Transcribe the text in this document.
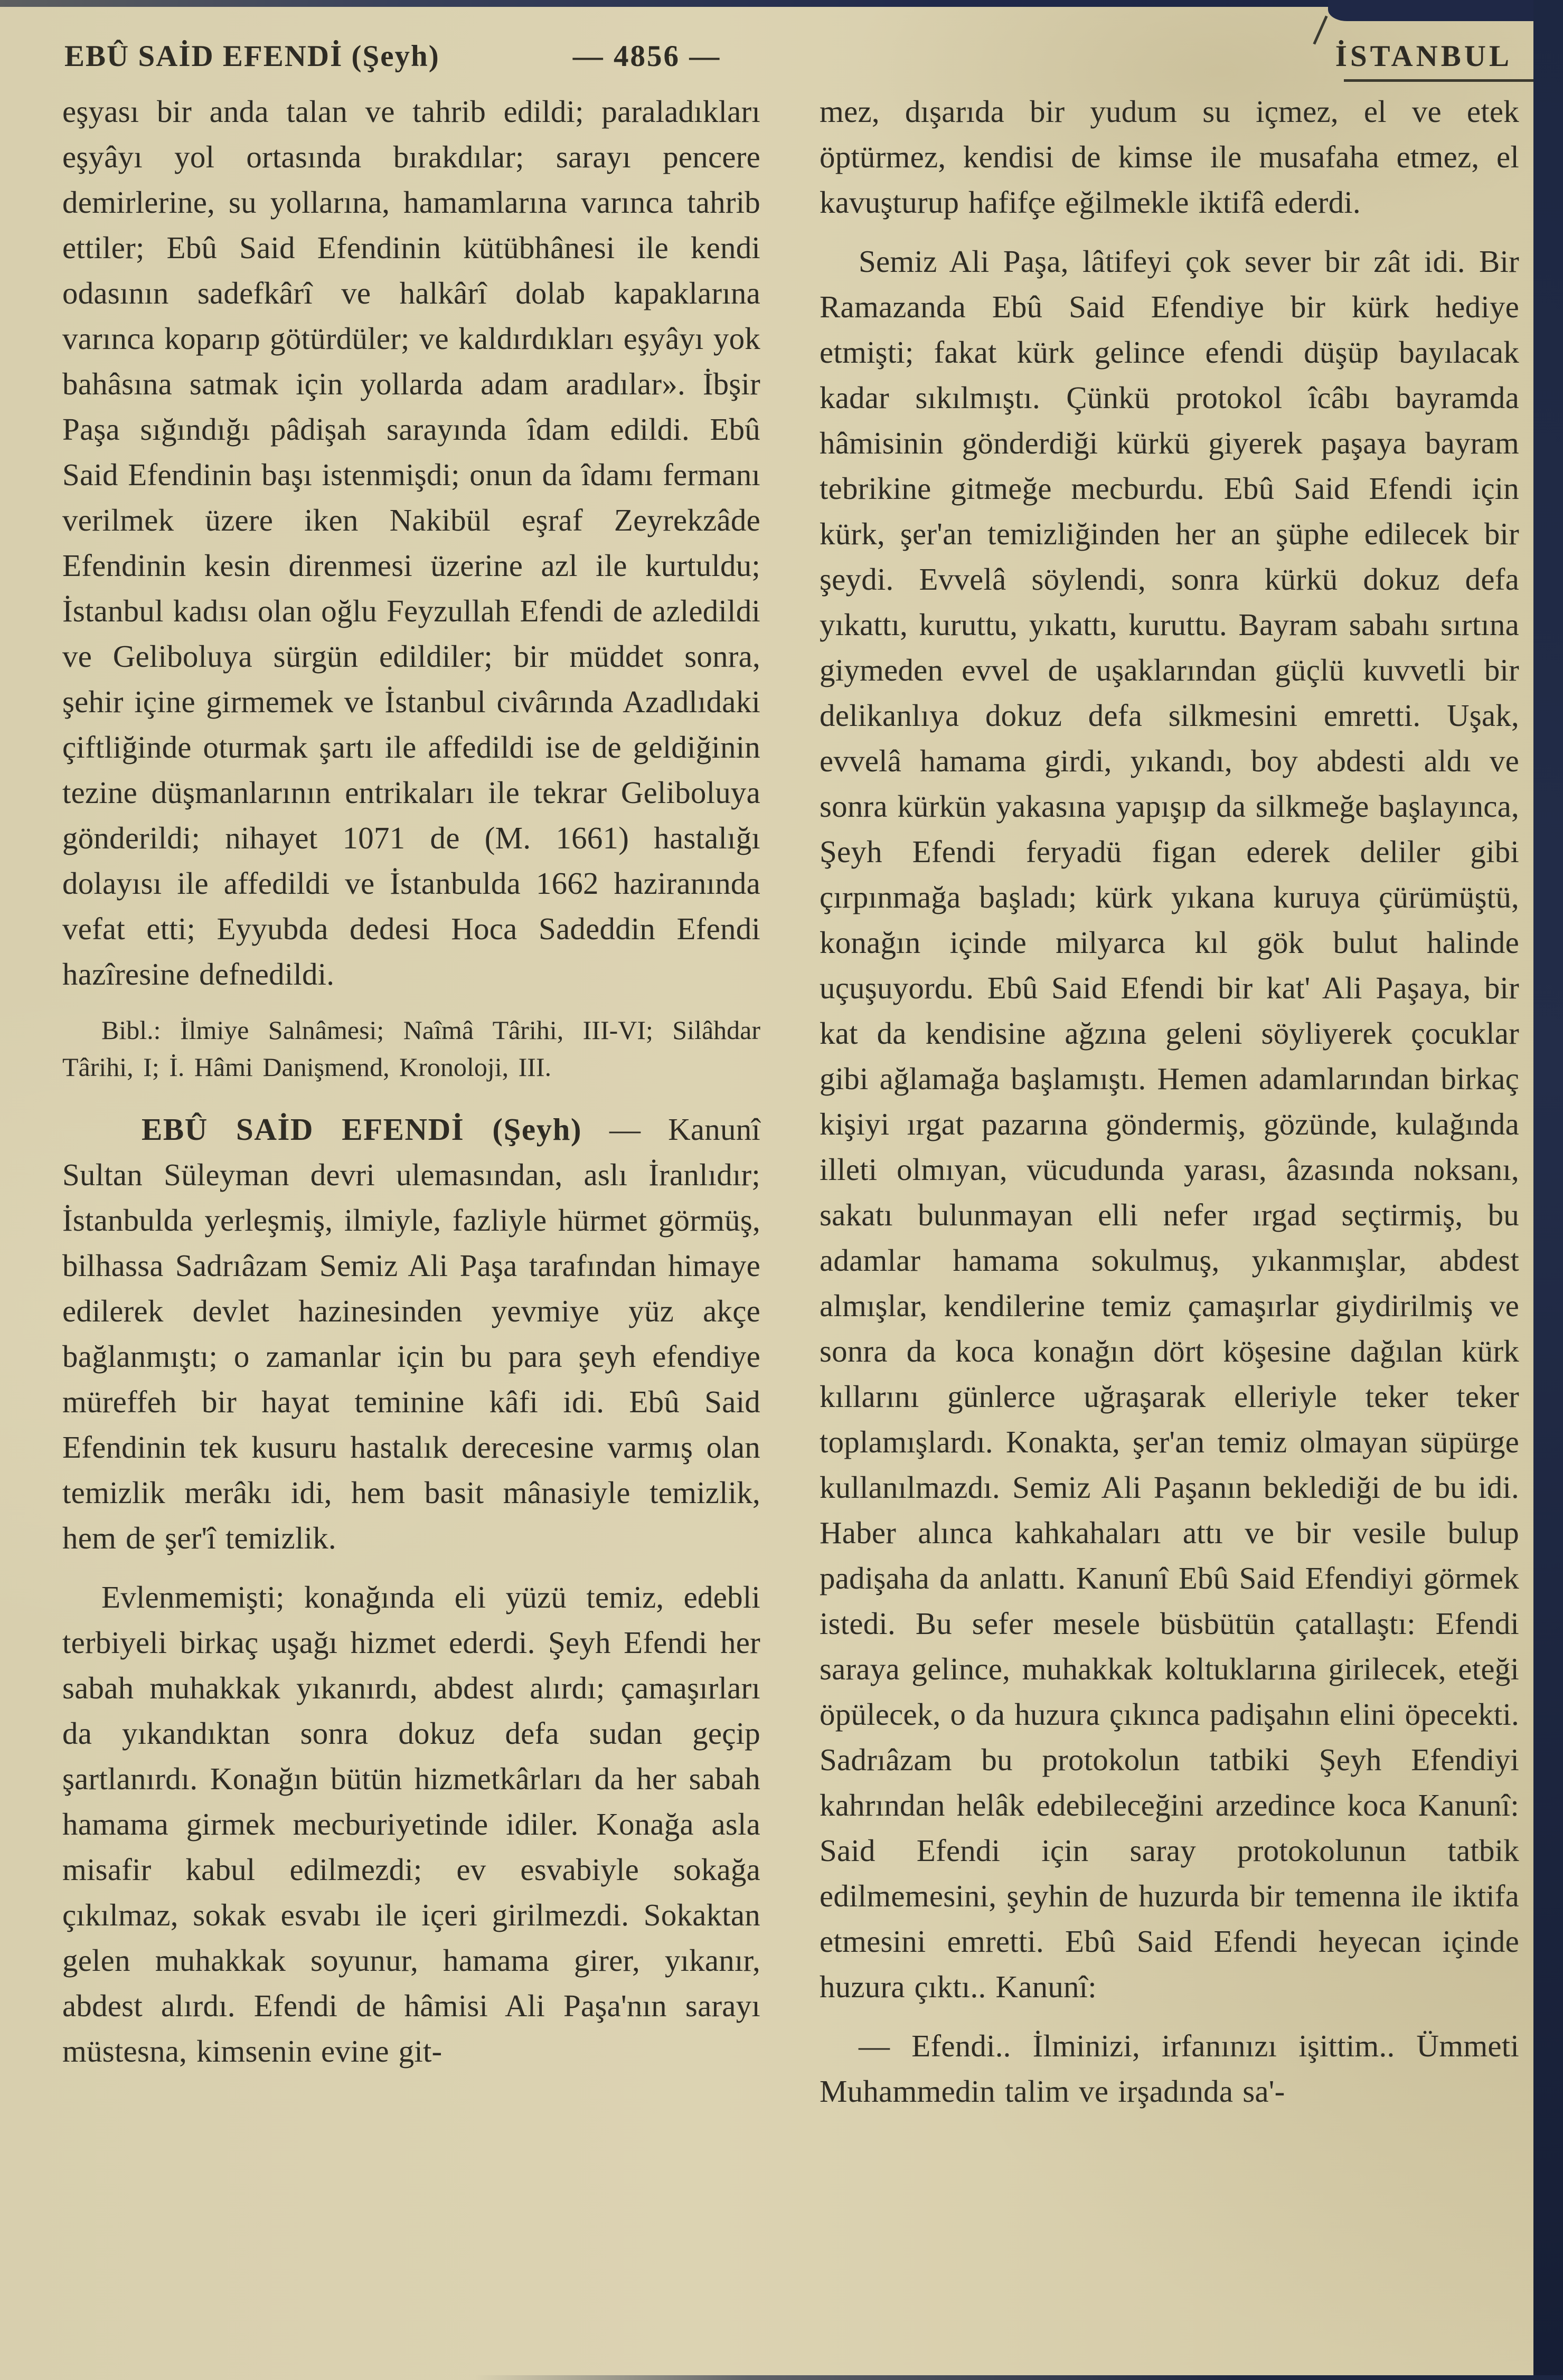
EBÛ SAİD EFENDİ (Şeyh)	— 4856 —	İSTANBUL

eşyası bir anda talan ve tahrib edildi; paraladıkları eşyâyı yol ortasında bırakdılar; sarayı pencere demirlerine, su yollarına, hamamlarına varınca tahrib ettiler; Ebû Said Efendinin kütübhânesi ile kendi odasının sadefkârî ve halkârî dolab kapaklarına varınca koparıp götürdüler; ve kaldırdıkları eşyâyı yok bahâsına satmak için yollarda adam aradılar». İbşir Paşa sığındığı pâdişah sarayında îdam edildi. Ebû Said Efendinin başı istenmişdi; onun da îdamı fermanı verilmek üzere iken Nakibül eşraf Zeyrekzâde Efendinin kesin direnmesi üzerine azl ile kurtuldu; İstanbul kadısı olan oğlu Feyzullah Efendi de azledildi ve Geliboluya sürgün edildiler; bir müddet sonra, şehir içine girmemek ve İstanbul civârında Azadlıdaki çiftliğinde oturmak şartı ile affedildi ise de geldiğinin tezine düşmanlarının entrikaları ile tekrar Geliboluya gönderildi; nihayet 1071 de (M. 1661) hastalığı dolayısı ile affedildi ve İstanbulda 1662 haziranında vefat etti; Eyyubda dedesi Hoca Sadeddin Efendi hazîresine defnedildi.

Bibl.: İlmiye Salnâmesi; Naîmâ Târihi, III-VI; Silâhdar Târihi, I; İ. Hâmi Danişmend, Kronoloji, III.

EBÛ SAİD EFENDİ (Şeyh) — Kanunî Sultan Süleyman devri ulemasından, aslı İranlıdır; İstanbulda yerleşmiş, ilmiyle, fazliyle hürmet görmüş, bilhassa Sadrıâzam Semiz Ali Paşa tarafından himaye edilerek devlet hazinesinden yevmiye yüz akçe bağlanmıştı; o zamanlar için bu para şeyh efendiye müreffeh bir hayat teminine kâfi idi. Ebû Said Efendinin tek kusuru hastalık derecesine varmış olan temizlik merâkı idi, hem basit mânasiyle temizlik, hem de şer'î temizlik.

Evlenmemişti; konağında eli yüzü temiz, edebli terbiyeli birkaç uşağı hizmet ederdi. Şeyh Efendi her sabah muhakkak yıkanırdı, abdest alırdı; çamaşırları da yıkandıktan sonra dokuz defa sudan geçip şartlanırdı. Konağın bütün hizmetkârları da her sabah hamama girmek mecburiyetinde idiler. Konağa asla misafir kabul edilmezdi; ev esvabiyle sokağa çıkılmaz, sokak esvabı ile içeri girilmezdi. Sokaktan gelen muhakkak soyunur, hamama girer, yıkanır, abdest alırdı. Efendi de hâmisi Ali Paşa'nın sarayı müstesna, kimsenin evine git-

mez, dışarıda bir yudum su içmez, el ve etek öptürmez, kendisi de kimse ile musafaha etmez, el kavuşturup hafifçe eğilmekle iktifâ ederdi.

Semiz Ali Paşa, lâtifeyi çok sever bir zât idi. Bir Ramazanda Ebû Said Efendiye bir kürk hediye etmişti; fakat kürk gelince efendi düşüp bayılacak kadar sıkılmıştı. Çünkü protokol îcâbı bayramda hâmisinin gönderdiği kürkü giyerek paşaya bayram tebrikine gitmeğe mecburdu. Ebû Said Efendi için kürk, şer'an temizliğinden her an şüphe edilecek bir şeydi. Evvelâ söylendi, sonra kürkü dokuz defa yıkattı, kuruttu, yıkattı, kuruttu. Bayram sabahı sırtına giymeden evvel de uşaklarından güçlü kuvvetli bir delikanlıya dokuz defa silkmesini emretti. Uşak, evvelâ hamama girdi, yıkandı, boy abdesti aldı ve sonra kürkün yakasına yapışıp da silkmeğe başlayınca, Şeyh Efendi feryadü figan ederek deliler gibi çırpınmağa başladı; kürk yıkana kuruya çürümüştü, konağın içinde milyarca kıl gök bulut halinde uçuşuyordu. Ebû Said Efendi bir kat' Ali Paşaya, bir kat da kendisine ağzına geleni söyliyerek çocuklar gibi ağlamağa başlamıştı. Hemen adamlarından birkaç kişiyi ırgat pazarına göndermiş, gözünde, kulağında illeti olmıyan, vücudunda yarası, âzasında noksanı, sakatı bulunmayan elli nefer ırgad seçtirmiş, bu adamlar hamama sokulmuş, yıkanmışlar, abdest almışlar, kendilerine temiz çamaşırlar giydirilmiş ve sonra da koca konağın dört köşesine dağılan kürk kıllarını günlerce uğraşarak elleriyle teker teker toplamışlardı. Konakta, şer'an temiz olmayan süpürge kullanılmazdı. Semiz Ali Paşanın beklediği de bu idi. Haber alınca kahkahaları attı ve bir vesile bulup padişaha da anlattı. Kanunî Ebû Said Efendiyi görmek istedi. Bu sefer mesele büsbütün çatallaştı: Efendi saraya gelince, muhakkak koltuklarına girilecek, eteği öpülecek, o da huzura çıkınca padişahın elini öpecekti. Sadrıâzam bu protokolun tatbiki Şeyh Efendiyi kahrından helâk edebileceğini arzedince koca Kanunî: Said Efendi için saray protokolunun tatbik edilmemesini, şeyhin de huzurda bir temenna ile iktifa etmesini emretti. Ebû Said Efendi heyecan içinde huzura çıktı.. Kanunî:

— Efendi.. İlminizi, irfanınızı işittim.. Ümmeti Muhammedin talim ve irşadında sa'-
